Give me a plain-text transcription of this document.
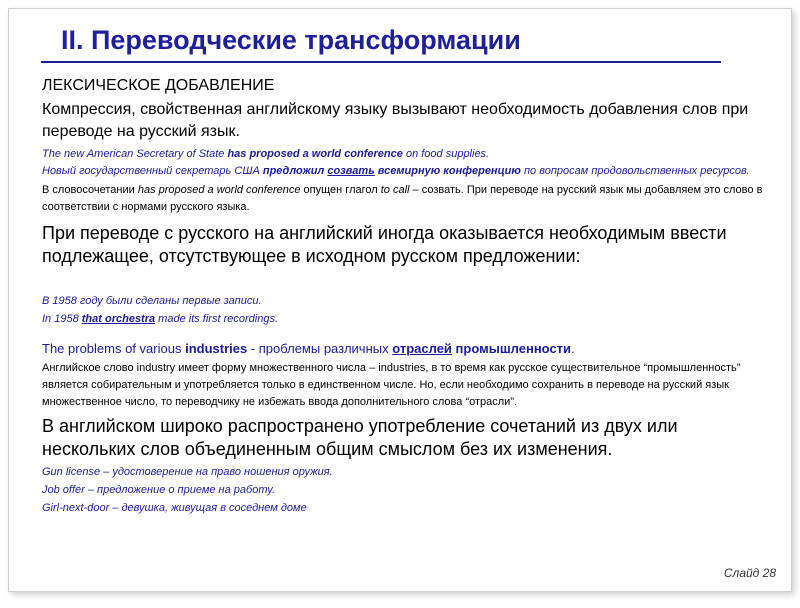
II. Переводческие трансформации

ЛЕКСИЧЕСКОЕ ДОБАВЛЕНИЕ

Компрессия, свойственная английскому языку вызывают необходимость добавления слов при переводе на русский язык.

The new American Secretary of State has proposed a world conference on food supplies.

Новый государственный секретарь США предложил созвать всемирную конференцию по вопросам продовольственных ресурсов.

В словосочетании has proposed a world conference опущен глагол to call – созвать. При переводе на русский язык мы добавляем это слово в соответствии с нормами русского языка.

При переводе с русского на английский иногда оказывается необходимым ввести подлежащее, отсутствующее в исходном русском предложении:

В 1958 году были сделаны первые записи.

In 1958 that orchestra made its first recordings.

The problems of various industries - проблемы различных отраслей промышленности.

Английское слово industry имеет форму множественного числа – industries, в то время как русское существительное “промышленность” является собирательным и употребляется только в единственном числе. Но, если необходимо сохранить в переводе на русский язык множественное число, то переводчику не избежать ввода дополнительного слова “отрасли”.

В английском широко распространено употребление сочетаний из двух или нескольких слов объединенным общим смыслом без их изменения.

Gun license – удостоверение на право ношения оружия.

Job offer – предложение о приеме на работу.

Girl-next-door – девушка, живущая в соседнем доме

Слайд 28
